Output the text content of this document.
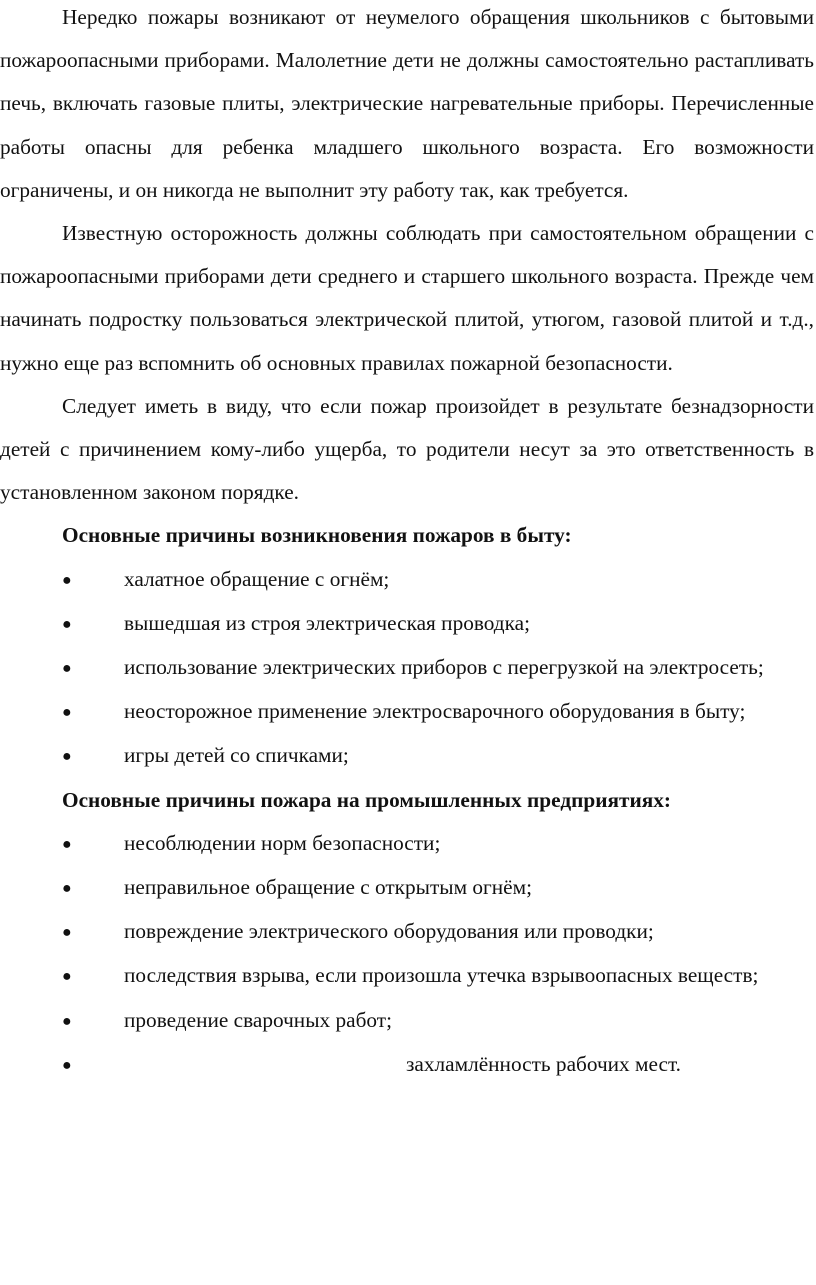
Нередко пожары возникают от неумелого обращения школьников с бытовыми пожароопасными приборами. Малолетние дети не должны самостоятельно растапливать печь, включать газовые плиты, электрические нагревательные приборы. Перечисленные работы опасны для ребенка младшего школьного возраста. Его возможности ограничены, и он никогда не выполнит эту работу так, как требуется.

Известную осторожность должны соблюдать при самостоятельном обращении с пожароопасными приборами дети среднего и старшего школьного возраста. Прежде чем начинать подростку пользоваться электрической плитой, утюгом, газовой плитой и т.д., нужно еще раз вспомнить об основных правилах пожарной безопасности.

Следует иметь в виду, что если пожар произойдет в результате безнадзорности детей с причинением кому-либо ущерба, то родители несут за это ответственность в установленном законом порядке.

Основные причины возникновения пожаров в быту:

● халатное обращение с огнём;

● вышедшая из строя электрическая проводка;

● использование электрических приборов с перегрузкой на электросеть;

● неосторожное применение электросварочного оборудования в быту;

● игры детей со спичками;

Основные причины пожара на промышленных предприятиях:

● несоблюдении норм безопасности;

● неправильное обращение с открытым огнём;

● повреждение электрического оборудования или проводки;

● последствия взрыва, если произошла утечка взрывоопасных веществ;

● проведение сварочных работ;

●	захламлённость рабочих мест.
